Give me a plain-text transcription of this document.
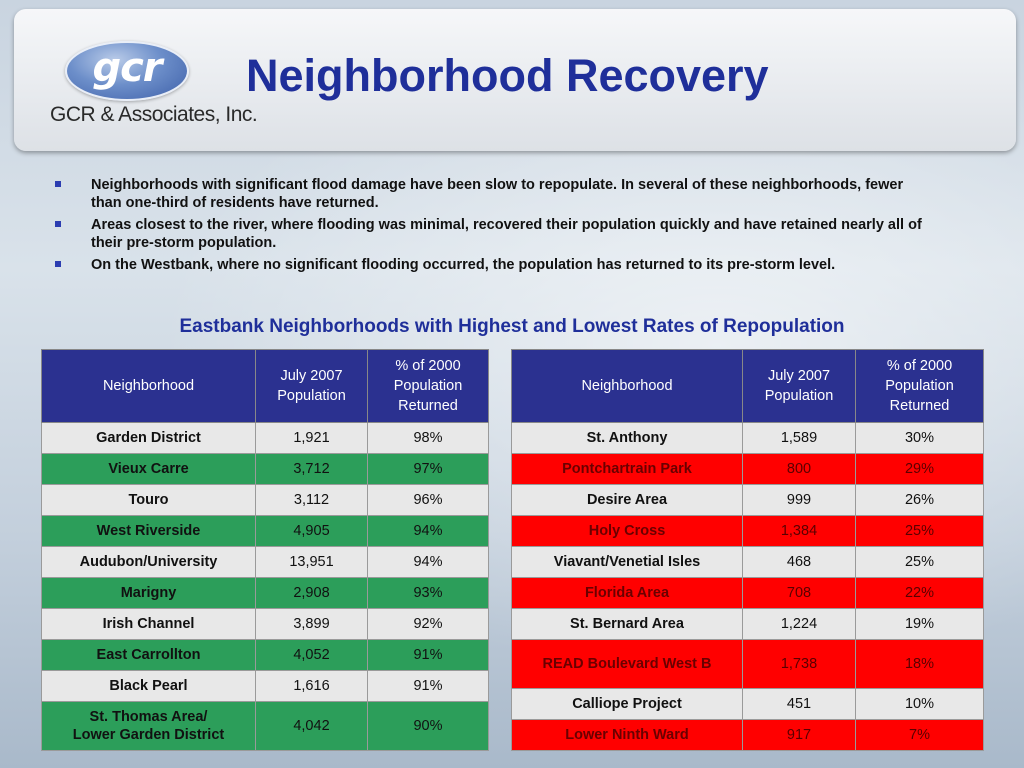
gcr
GCR & Associates, Inc.
Neighborhood Recovery
Neighborhoods with significant flood damage have been slow to repopulate. In several of these neighborhoods, fewer than one-third of residents have returned.
Areas closest to the river, where flooding was minimal, recovered their population quickly and have retained nearly all of their pre-storm population.
On the Westbank, where no significant flooding occurred, the population has returned to its pre-storm level.
Eastbank Neighborhoods with Highest and Lowest Rates of Repopulation
Neighborhood	July 2007 Population	% of 2000 Population Returned
Garden District	1,921	98%
Vieux Carre	3,712	97%
Touro	3,112	96%
West Riverside	4,905	94%
Audubon/University	13,951	94%
Marigny	2,908	93%
Irish Channel	3,899	92%
East Carrollton	4,052	91%
Black Pearl	1,616	91%
St. Thomas Area/
Lower Garden District	4,042	90%
Neighborhood	July 2007 Population	% of 2000 Population Returned
St. Anthony	1,589	30%
Pontchartrain Park	800	29%
Desire Area	999	26%
Holy Cross	1,384	25%
Viavant/Venetial Isles	468	25%
Florida Area	708	22%
St. Bernard Area	1,224	19%
READ Boulevard West B	1,738	18%
Calliope Project	451	10%
Lower Ninth Ward	917	7%
